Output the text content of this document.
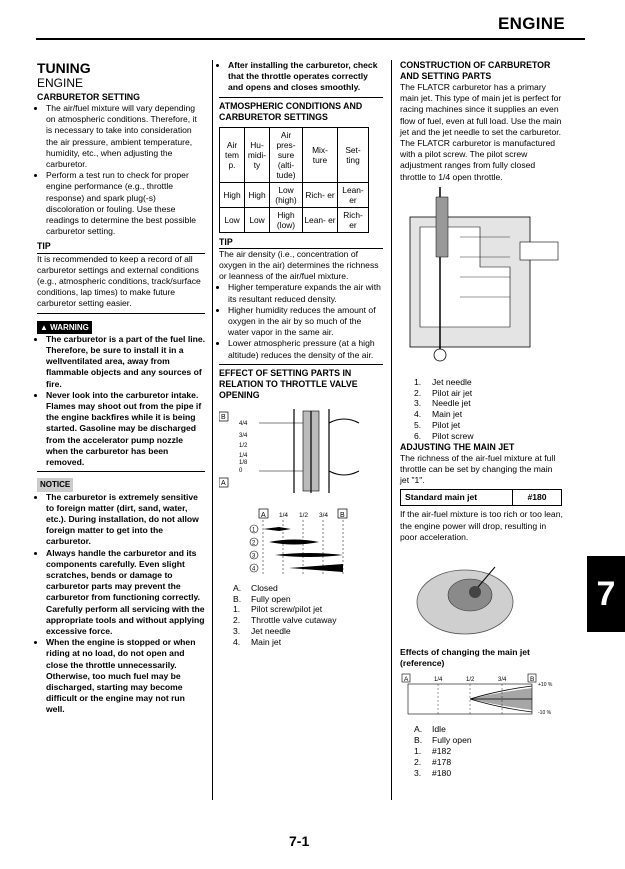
ENGINE
TUNING
ENGINE
CARBURETOR SETTING
• The air/fuel mixture will vary depending on atmospheric conditions. Therefore, it is necessary to take into consideration the air pressure, ambient temperature, humidity, etc., when adjusting the carburetor.
• Perform a test run to check for proper engine performance (e.g., throttle response) and spark plug(-s) discoloration or fouling. Use these readings to determine the best possible carburetor setting.
TIP

It is recommended to keep a record of all carburetor settings and external conditions (e.g., atmospheric conditions, track/surface conditions, lap times) to make future carburetor setting easier.

▲ WARNING
• The carburetor is a part of the fuel line. Therefore, be sure to install it in a wellventilated area, away from flammable objects and any sources of fire.
• Never look into the carburetor intake. Flames may shoot out from the pipe if the engine backfires while it is being started. Gasoline may be discharged from the accelerator pump nozzle when the carburetor has been removed.
NOTICE
• The carburetor is extremely sensitive to foreign matter (dirt, sand, water, etc.). During installation, do not allow foreign matter to get into the carburetor.
• Always handle the carburetor and its components carefully. Even slight scratches, bends or damage to carburetor parts may prevent the carburetor from functioning correctly. Carefully perform all servicing with the appropriate tools and without applying excessive force.
• When the engine is stopped or when riding at no load, do not open and close the throttle unnecessarily. Otherwise, too much fuel may be discharged, starting may become difficult or the engine may not run well.
• After installing the carburetor, check that the throttle operates correctly and opens and closes smoothly.
ATMOSPHERIC CONDITIONS AND CARBURETOR SETTINGS
Air tem p.	Hu- midi- ty	Air pres- sure (alti- tude)	Mix- ture	Set- ting
High	High	Low (high)	Rich- er	Lean- er
Low	Low	High (low)	Lean- er	Rich- er
TIP

The air density (i.e., concentration of oxygen in the air) determines the richness or leanness of the air/fuel mixture.

• Higher temperature expands the air with its resultant reduced density.
• Higher humidity reduces the amount of oxygen in the air by so much of the water vapor in the same air.
• Lower atmospheric pressure (at a high altitude) reduces the density of the air.
EFFECT OF SETTING PARTS IN RELATION TO THROTTLE VALVE OPENING
B
A
4/4
3/4
1/2
1/4
1/8
0
A 1/4 1/2 3/4 B
1
2
3
4
A. Closed
B. Fully open
1. Pilot screw/pilot jet
2. Throttle valve cutaway
3. Jet needle
4. Main jet
CONSTRUCTION OF CARBURETOR AND SETTING PARTS

The FLATCR carburetor has a primary main jet. This type of main jet is perfect for racing machines since it supplies an even flow of fuel, even at full load. Use the main jet and the jet needle to set the carburetor.

The FLATCR carburetor is manufactured with a pilot screw. The pilot screw adjustment ranges from fully closed throttle to 1/4 open throttle.

1. Jet needle
2. Pilot air jet
3. Needle jet
4. Main jet
5. Pilot jet
6. Pilot screw
ADJUSTING THE MAIN JET

The richness of the air-fuel mixture at full throttle can be set by changing the main jet "1".

Standard main jet	#180

If the air-fuel mixture is too rich or too lean, the engine power will drop, resulting in poor acceleration.

Effects of changing the main jet (reference)
A	1/4	1/2	3/4	B
+10 %
-10 %
A. Idle
B. Fully open
1. #182
2. #178
3. #180
7
7-1
